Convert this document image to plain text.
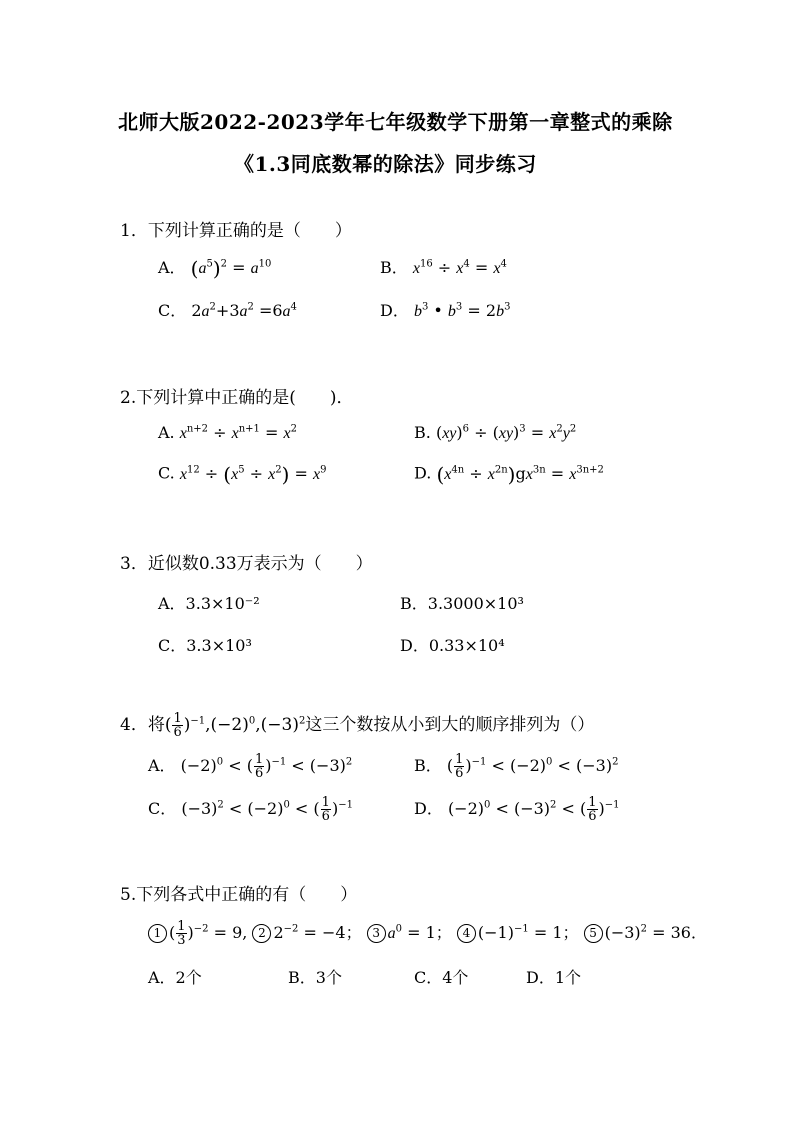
北师大版2022-2023学年七年级数学下册第一章整式的乘除
《1.3同底数幂的除法》同步练习
1．下列计算正确的是（　　）
A． $(a^5)^2 = a^{10}$	B． $x^{16} \div x^4 = x^4$
C． $2a^2+3a^2 =6a^4$	D． $b^3$ • $b^3 = 2b^3$
2.下列计算中正确的是(　　)．
A. $x^{n+2} \div x^{n+1} = x^2$	B. $(xy)^6 \div (xy)^3 = x^2y^2$
C. $x^{12} \div (x^5 \div x^2) = x^9$	D. $(x^{4n} \div x^{2n})gx^{3n} = x^{3n+2}$
3．近似数0.33万表示为（　　）
A．3.3×10⁻²	B．3.3000×10³
C．3.3×10³	D．0.33×10⁴
4．将( $\frac{1}{6} )^{-1},(-2)^0,(-3)^2$这三个数按从小到大的顺序排列为（）
A． $(-2)^0$ < ( $\frac{1}{6} )^{-1} < (-3)^2$	B． ( $\frac{1}{6} )^{-1} < (-2)^0 < (-3)^2$
C． $(-3)^2 < (-2)^0$ < ( $\frac{1}{6} )^{-1}$	D． $(-2)^0 < (-3)^2$ < ( $\frac{1}{6} )^{-1}$
5.下列各式中正确的有（　　）
1 ( $\frac{1}{3} )^{-2} = 9$, 2 $2^{-2} = -4$； 3 $a^0 = 1$； 4 $(-1)^{-1} = 1$； 5 $(-3)^2 = 36$．
A．2个	B．3个	C．4个	D．1个
